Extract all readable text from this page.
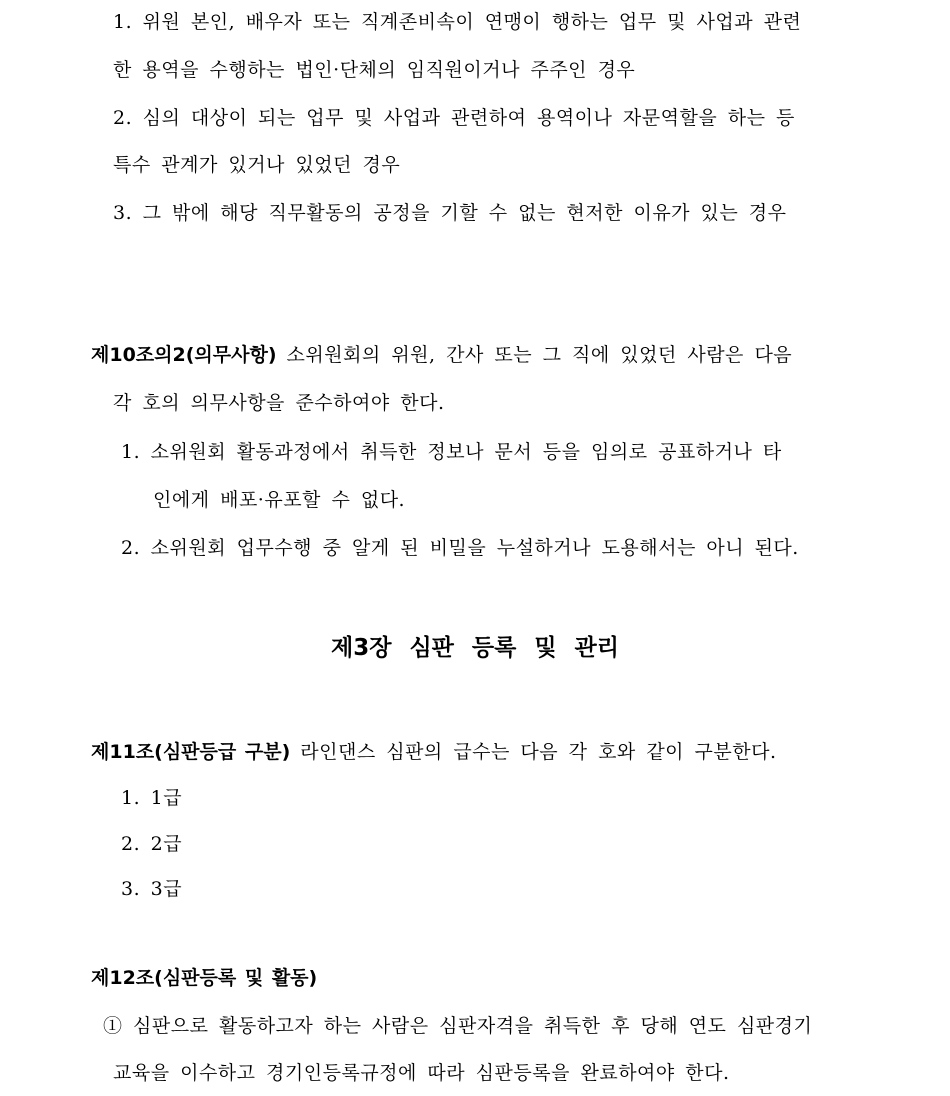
1. 위원 본인, 배우자 또는 직계존비속이 연맹이 행하는 업무 및 사업과 관련
한 용역을 수행하는 법인·단체의 임직원이거나 주주인 경우
2. 심의 대상이 되는 업무 및 사업과 관련하여 용역이나 자문역할을 하는 등
특수 관계가 있거나 있었던 경우
3. 그 밖에 해당 직무활동의 공정을 기할 수 없는 현저한 이유가 있는 경우
제10조의2(의무사항) 소위원회의 위원, 간사 또는 그 직에 있었던 사람은 다음
각 호의 의무사항을 준수하여야 한다.
1. 소위원회 활동과정에서 취득한 정보나 문서 등을 임의로 공표하거나 타
인에게 배포·유포할 수 없다.
2. 소위원회 업무수행 중 알게 된 비밀을 누설하거나 도용해서는 아니 된다.
제3장 심판 등록 및 관리
제11조(심판등급 구분) 라인댄스 심판의 급수는 다음 각 호와 같이 구분한다.
1. 1급
2. 2급
3. 3급
제12조(심판등록 및 활동)
① 심판으로 활동하고자 하는 사람은 심판자격을 취득한 후 당해 연도 심판경기
교육을 이수하고 경기인등록규정에 따라 심판등록을 완료하여야 한다.
